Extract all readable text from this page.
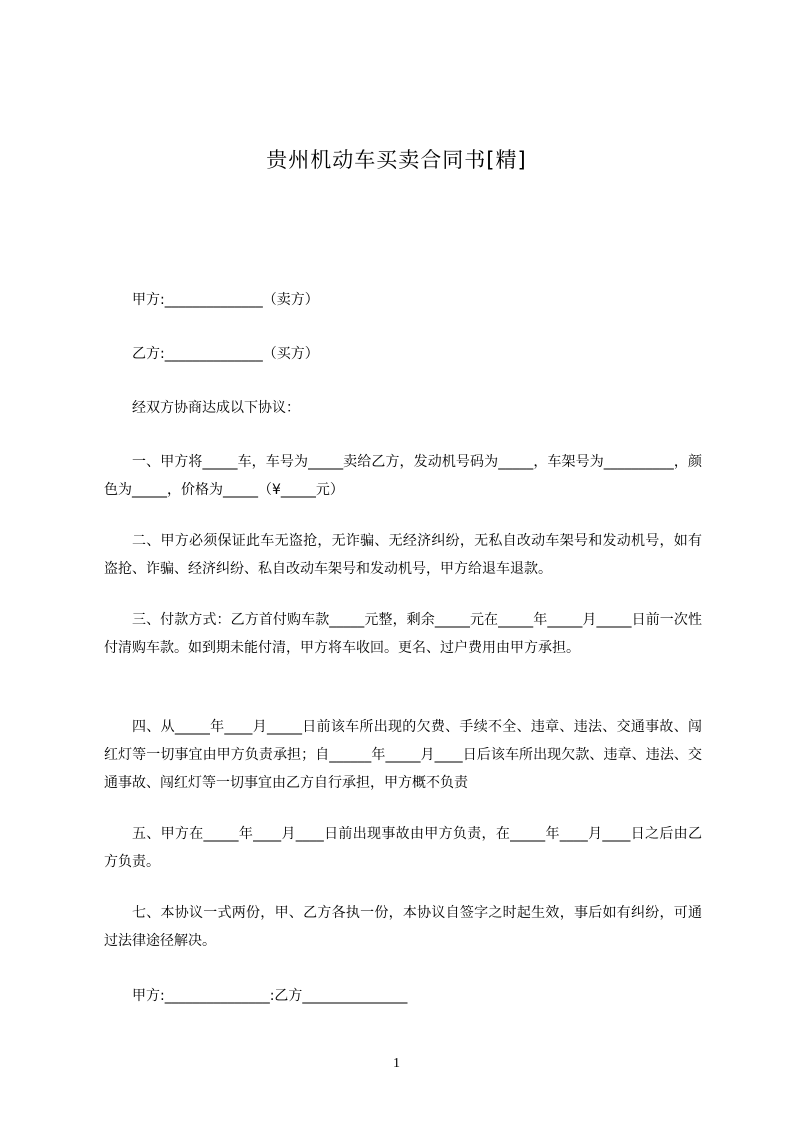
贵州机动车买卖合同书[精]
甲方:______________（卖方）
乙方:______________（买方）
经双方协商达成以下协议：
一、甲方将_____车，车号为_____卖给乙方，发动机号码为_____，车架号为__________，颜色为_____，价格为_____（¥_____元）
二、甲方必须保证此车无盗抢，无诈骗、无经济纠纷，无私自改动车架号和发动机号，如有盗抢、诈骗、经济纠纷、私自改动车架号和发动机号，甲方给退车退款。
三、付款方式：乙方首付购车款_____元整，剩余_____元在_____年_____月_____日前一次性付清购车款。如到期未能付清，甲方将车收回。更名、过户费用由甲方承担。
四、从_____年____月_____日前该车所出现的欠费、手续不全、违章、违法、交通事故、闯红灯等一切事宜由甲方负责承担；自______年_____月____日后该车所出现欠款、违章、违法、交通事故、闯红灯等一切事宜由乙方自行承担，甲方概不负责
五、甲方在_____年____月____日前出现事故由甲方负责，在_____年____月____日之后由乙方负责。
七、本协议一式两份，甲、乙方各执一份，本协议自签字之时起生效，事后如有纠纷，可通过法律途径解决。
甲方:_______________:乙方_______________
1
